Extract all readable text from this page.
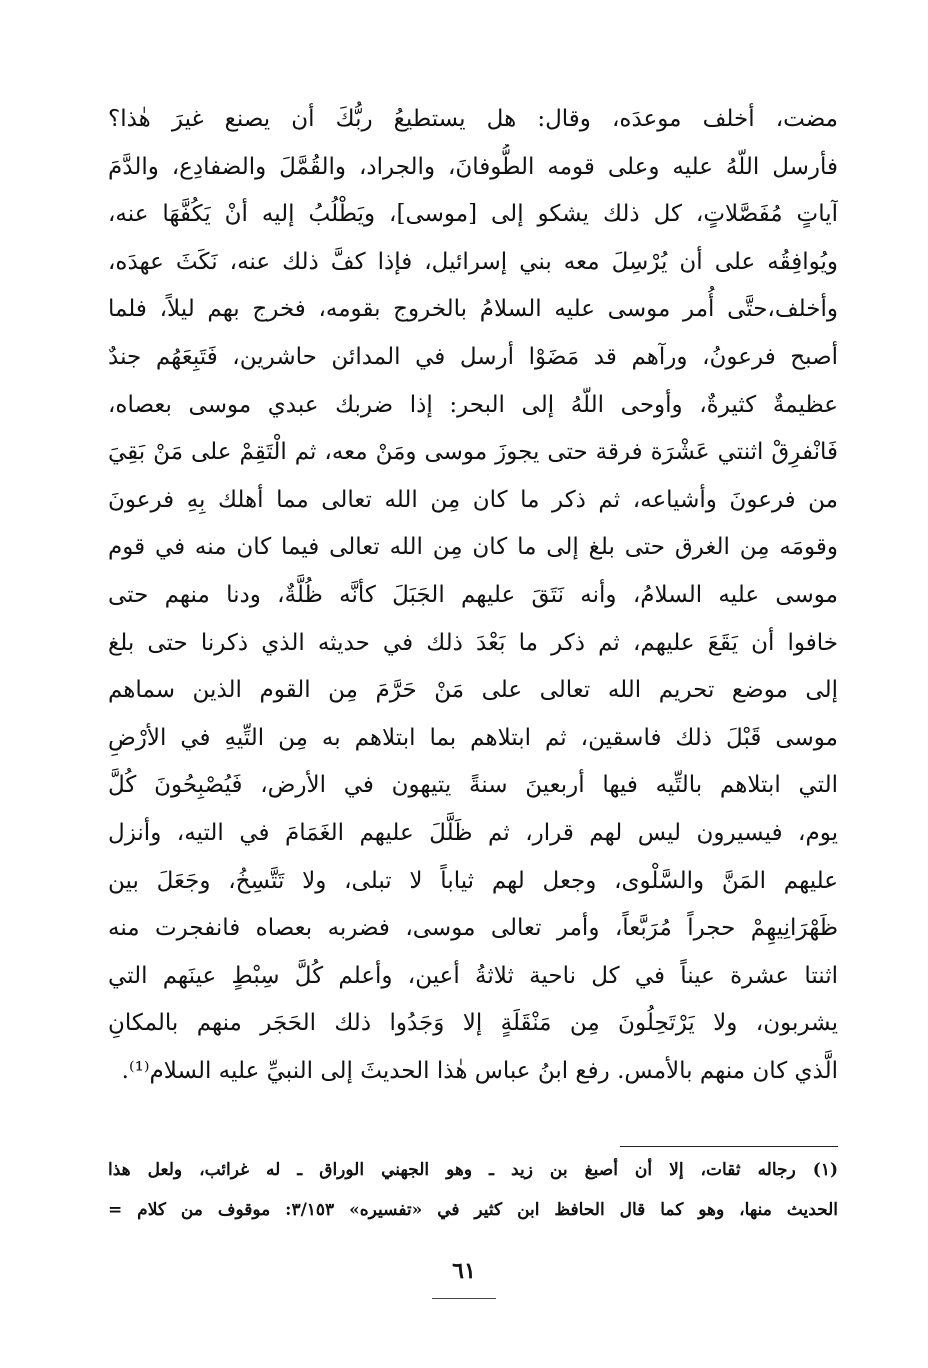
مضت، أخلف موعدَه، وقال: هل يستطيعُ ربُّكَ أن يصنع غيرَ هٰذا؟
فأرسل اللّهُ عليه وعلى قومه الطُّوفانَ، والجراد، والقُمَّلَ والضفادِع، والدَّمَ
آياتٍ مُفَصَّلاتٍ، كل ذلك يشكو إلى [موسى]، ويَطْلُبُ إليه أنْ يَكُفَّهَا عنه،
ويُوافِقُه على أن يُرْسِلَ معه بني إسرائيل، فإذا كفَّ ذلك عنه، نَكَثَ عهدَه،
وأخلف،حتَّى أُمر موسى عليه السلامُ بالخروج بقومه، فخرج بهم ليلاً، فلما
أصبح فرعونُ، ورآهم قد مَضَوْا أرسل في المدائن حاشرين، فَتَبِعَهُم جندٌ
عظيمةٌ كثيرةٌ، وأوحى اللّهُ إلى البحر: إذا ضربك عبدي موسى بعصاه،
فَانْفرِقْ اثنتي عَشْرَة فرقة حتى يجوزَ موسى ومَنْ معه، ثم الْتَقِمْ على مَنْ بَقِيَ
من فرعونَ وأشياعه، ثم ذكر ما كان مِن الله تعالى مما أهلك بِهِ فرعونَ
وقومَه مِن الغرق حتى بلغ إلى ما كان مِن الله تعالى فيما كان منه في قوم
موسى عليه السلامُ، وأنه نَتَقَ عليهم الجَبَلَ كأنَّه ظُلَّةٌ، ودنا منهم حتى
خافوا أن يَقَعَ عليهم، ثم ذكر ما بَعْدَ ذلك في حديثه الذي ذكرنا حتى بلغ
إلى موضع تحريم الله تعالى على مَنْ حَرَّمَ مِن القوم الذين سماهم
موسى قَبْلَ ذلك فاسقين، ثم ابتلاهم بما ابتلاهم به مِن التِّيهِ في الأرْضِ
التي ابتلاهم بالتِّيه فيها أربعينَ سنةً يتيهون في الأرض، فَيُصْبِحُونَ كُلَّ
يوم، فيسيرون ليس لهم قرار، ثم ظَلَّلَ عليهم الغَمَامَ في التيه، وأنزل
عليهم المَنَّ والسَّلْوى، وجعل لهم ثياباً لا تبلى، ولا تَتَّسِخُ، وجَعَلَ بين
ظَهْرَانِيهِمْ حجراً مُرَبَّعاً، وأمر تعالى موسى، فضربه بعصاه فانفجرت منه
اثنتا عشرة عيناً في كل ناحية ثلاثةُ أعين، وأعلم كُلَّ سِبْطٍ عينَهم التي
يشربون، ولا يَرْتَحِلُونَ مِن مَنْقَلَةٍ إلا وَجَدُوا ذلك الحَجَر منهم بالمكانِ
الَّذي كان منهم بالأمس. رفع ابنُ عباس هٰذا الحديثَ إلى النبيِّ عليه السلام⁽¹⁾.
(١) رجاله ثقات، إلا أن أصبغ بن زيد ـ وهو الجهني الوراق ـ له غرائب، ولعل هذا
الحديث منها، وهو كما قال الحافظ ابن كثير في «تفسيره» ٣/١٥٣: موقوف من كلام =
٦١
